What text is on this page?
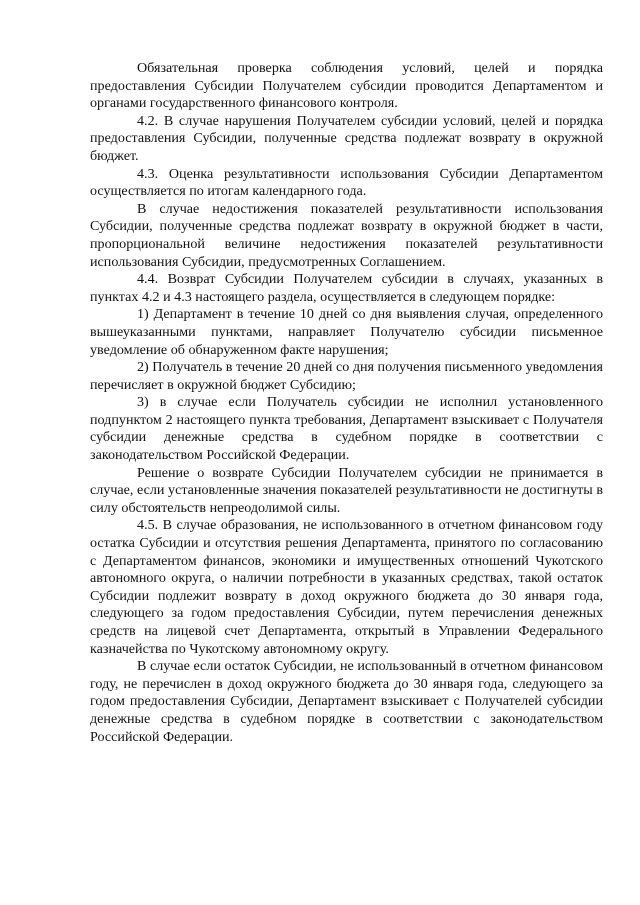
Обязательная проверка соблюдения условий, целей и порядка предоставления Субсидии Получателем субсидии проводится Департаментом и органами государственного финансового контроля.

4.2. В случае нарушения Получателем субсидии условий, целей и порядка предоставления Субсидии, полученные средства подлежат возврату в окружной бюджет.

4.3. Оценка результативности использования Субсидии Департаментом осуществляется по итогам календарного года.

В случае недостижения показателей результативности использования Субсидии, полученные средства подлежат возврату в окружной бюджет в части, пропорциональной величине недостижения показателей результативности использования Субсидии, предусмотренных Соглашением.

4.4. Возврат Субсидии Получателем субсидии в случаях, указанных в пунктах 4.2 и 4.3 настоящего раздела, осуществляется в следующем порядке:

1) Департамент в течение 10 дней со дня выявления случая, определенного вышеуказанными пунктами, направляет Получателю субсидии письменное уведомление об обнаруженном факте нарушения;

2) Получатель в течение 20 дней со дня получения письменного уведомления перечисляет в окружной бюджет Субсидию;

3) в случае если Получатель субсидии не исполнил установленного подпунктом 2 настоящего пункта требования, Департамент взыскивает с Получателя субсидии денежные средства в судебном порядке в соответствии с законодательством Российской Федерации.

Решение о возврате Субсидии Получателем субсидии не принимается в случае, если установленные значения показателей результативности не достигнуты в силу обстоятельств непреодолимой силы.

4.5. В случае образования, не использованного в отчетном финансовом году остатка Субсидии и отсутствия решения Департамента, принятого по согласованию с Департаментом финансов, экономики и имущественных отношений Чукотского автономного округа, о наличии потребности в указанных средствах, такой остаток Субсидии подлежит возврату в доход окружного бюджета до 30 января года, следующего за годом предоставления Субсидии, путем перечисления денежных средств на лицевой счет Департамента, открытый в Управлении Федерального казначейства по Чукотскому автономному округу.

В случае если остаток Субсидии, не использованный в отчетном финансовом году, не перечислен в доход окружного бюджета до 30 января года, следующего за годом предоставления Субсидии, Департамент взыскивает с Получателей субсидии денежные средства в судебном порядке в соответствии с законодательством Российской Федерации.
